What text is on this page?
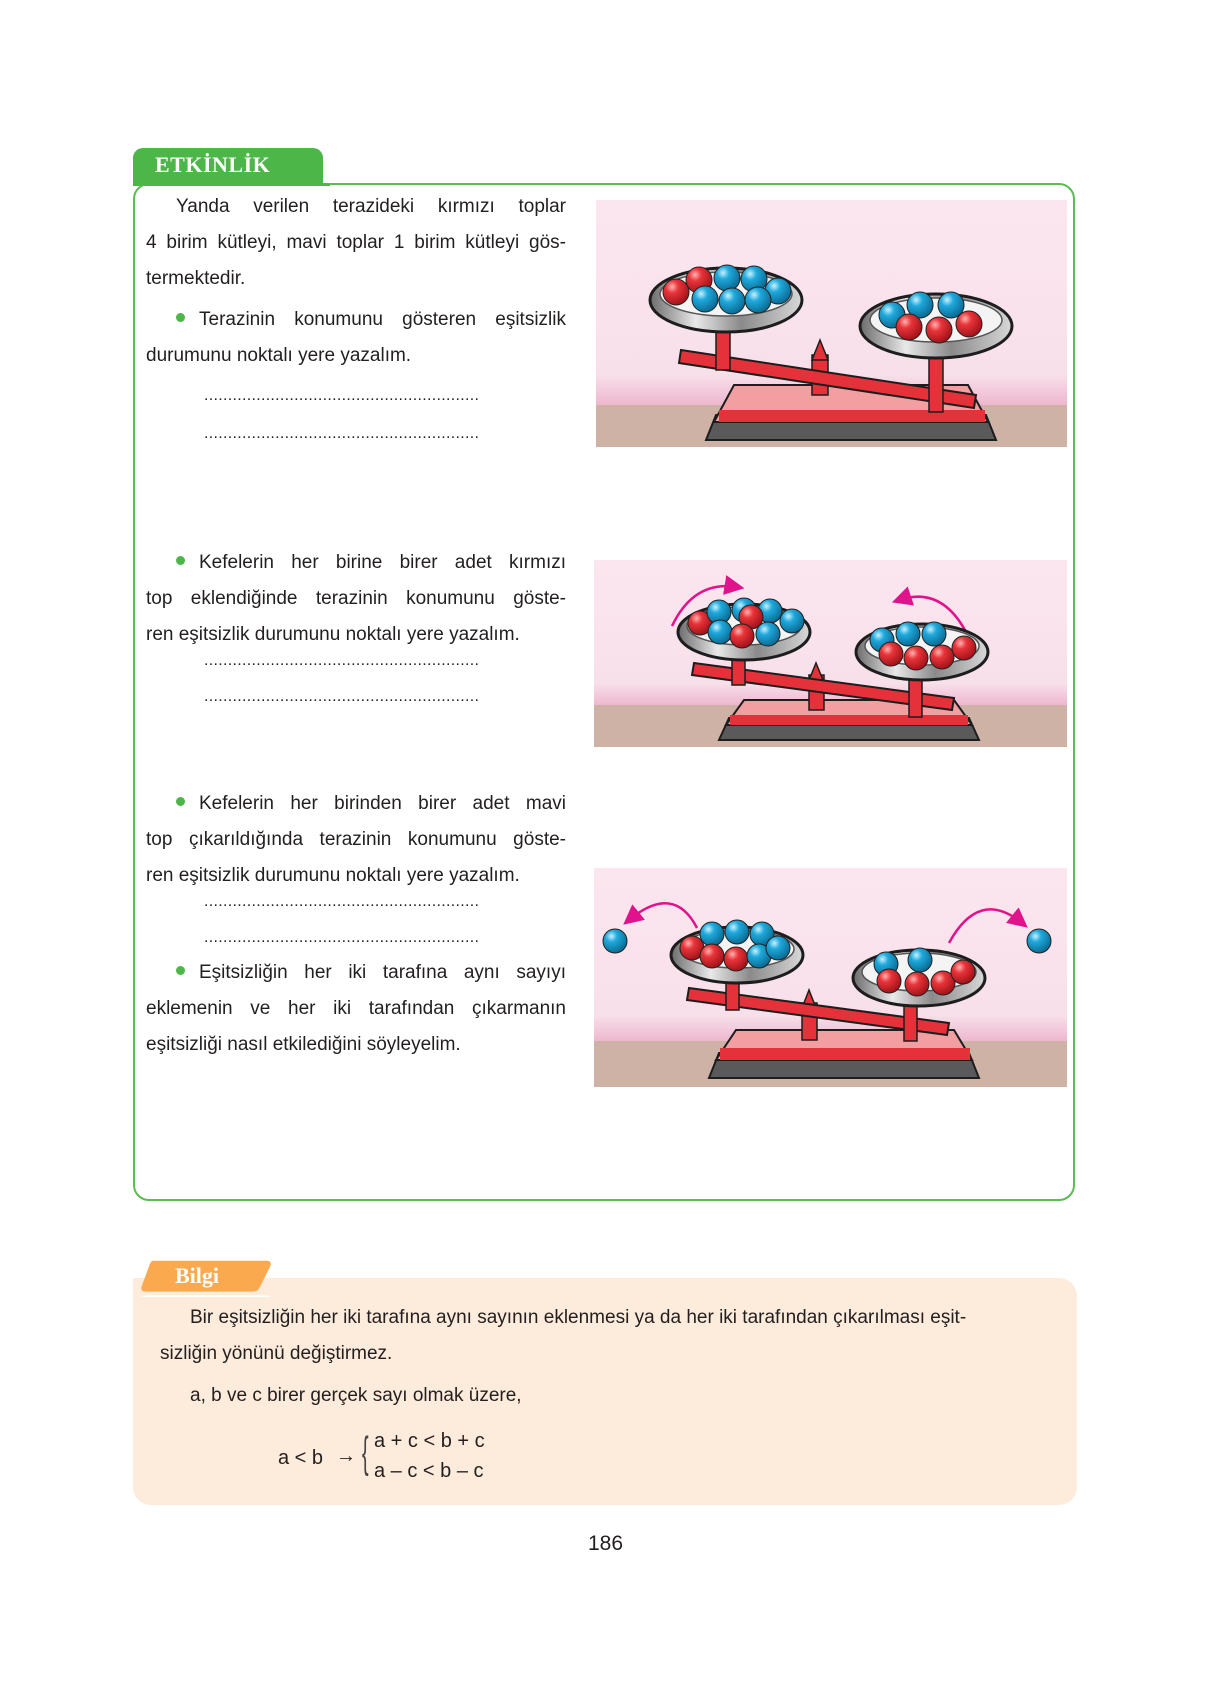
ETKİNLİK
Yanda verilen terazideki kırmızı toplar
4 birim kütleyi, mavi toplar 1 birim kütleyi gös-
termektedir.
Terazinin konumunu gösteren eşitsizlik
durumunu noktalı yere yazalım.
..........................................................
..........................................................
Kefelerin her birine birer adet kırmızı
top eklendiğinde terazinin konumunu göste-
ren eşitsizlik durumunu noktalı yere yazalım.
..........................................................
..........................................................
Kefelerin her birinden birer adet mavi
top çıkarıldığında terazinin konumunu göste-
ren eşitsizlik durumunu noktalı yere yazalım.
..........................................................
..........................................................
Eşitsizliğin her iki tarafına aynı sayıyı
eklemenin ve her iki tarafından çıkarmanın
eşitsizliği nasıl etkilediğini söyleyelim.
Bilgi
Bir eşitsizliğin her iki tarafına aynı sayının eklenmesi ya da her iki tarafından çıkarılması eşit-
sizliğin yönünü değiştirmez.
a, b ve c birer gerçek sayı olmak üzere,
a < b → { a + c < b + c
a – c < b – c
186
